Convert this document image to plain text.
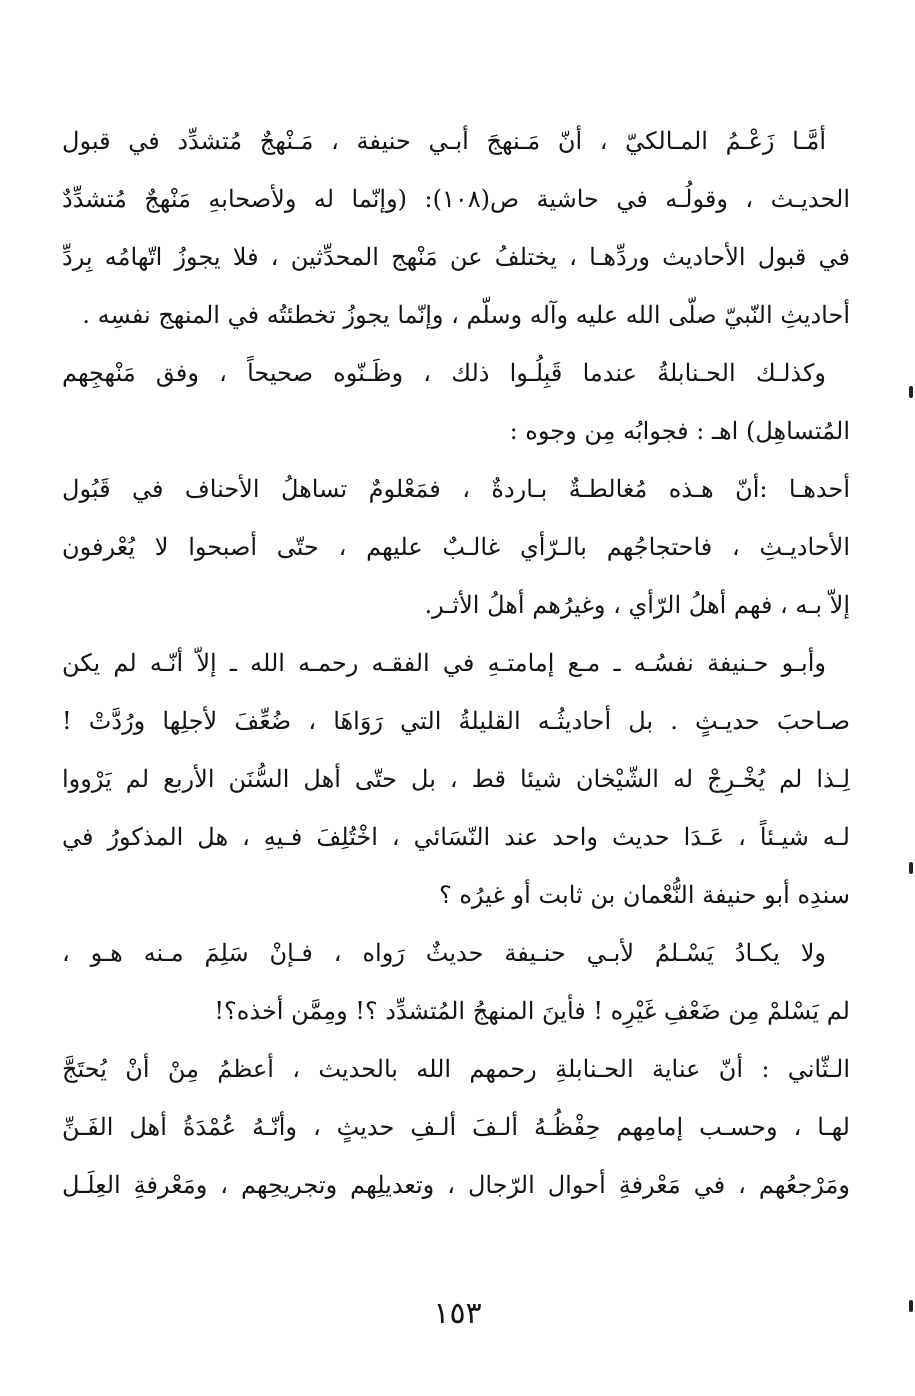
أمَّـا زَعْـمُ المـالكيّ ، أنّ مَـنهجَ أبـي حنيفة ، مَـنْهجٌ مُتشدِّد في قبول
الحديـث ، وقولُـه في حاشية ص(١٠٨): (وإنّما له ولأصحابهِ مَنْهجٌ مُتشدِّدٌ
في قبول الأحاديث وردِّهـا ، يختلفُ عن مَنْهج المحدِّثين ، فلا يجوزُ اتّهامُه بِردِّ
أحاديثِ النّبيّ صلّى الله عليه وآله وسلّم ، وإنّما يجوزُ تخطئتُه في المنهج نفسِه .
وكذلـك الحـنابلةُ عندما قَبِلُـوا ذلك ، وظَـنّوه صحيحاً ، وفق مَنْهجِهم
المُتساهِل) اهـ : فجوابُه مِن وجوه :
أحدهـا :أنّ هـذه مُغالطـةٌ بـاردةٌ ، فمَعْلومٌ تساهلُ الأحناف في قَبُول
الأحاديـثِ ، فاحتجاجُهم بالـرّأي غالـبٌ عليهم ، حتّى أصبحوا لا يُعْرفون
إلاّ بـه ، فهم أهلُ الرّأي ، وغيرُهم أهلُ الأثـر.
وأبـو حـنيفة نفسُـه ـ مـع إمامتـهِ في الفقـه رحمـه الله ـ إلاّ أنّـه لم يكن
صـاحبَ حديـثٍ . بل أحاديثُـه القليلةُ التي رَوَاهَا ، ضُعِّفَ لأجلِها ورُدَّتْ !
لِـذا لم يُخْـرِجْ له الشّيْخان شيئا قط ، بل حتّى أهل السُّنَن الأربع لم يَرْووا
لـه شيـئاً ، عَـدَا حديث واحد عند النّسَائي ، اخْتُلِفَ فـيهِ ، هل المذكورُ في
سندِه أبو حنيفة النُّعْمان بن ثابت أو غيرُه ؟
ولا يكـادُ يَسْـلمُ لأبـي حنـيفة حديثٌ رَواه ، فـإنْ سَلِمَ مـنه هـو ،
لم يَسْلمْ مِن ضَعْفِ غَيْرِه ! فأينَ المنهجُ المُتشدِّد ؟! ومِمَّن أخذه؟!
الـثّاني : أنّ عناية الحـنابلةِ رحمهم الله بالحديث ، أعظمُ مِنْ أنْ يُحتَجَّ
لهـا ، وحسـب إمامِهم حِفْظُـهُ ألـفَ ألـفِ حديثٍ ، وأنّـهُ عُمْدَةُ أهل الفَـنِّ
ومَرْجعُهم ، في مَعْرفةِ أحوال الرّجال ، وتعديلِهم وتجريحِهم ، ومَعْرفةِ العِلَـل
١٥٣
